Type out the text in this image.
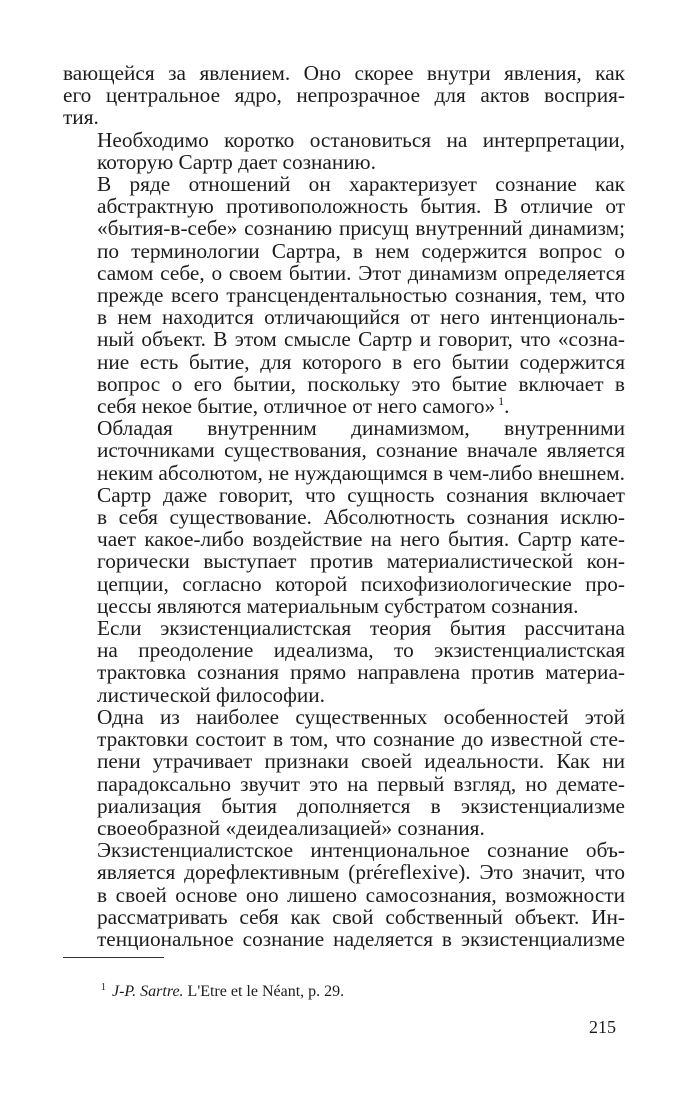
вающейся за явлением. Оно скорее внутри явления, как
его центральное ядро, непрозрачное для актов восприя-
тия.

Необходимо коротко остановиться на интерпретации,
которую Сартр дает сознанию.

В ряде отношений он характеризует сознание как
абстрактную противоположность бытия. В отличие от
«бытия-в-себе» сознанию присущ внутренний динамизм;
по терминологии Сартра, в нем содержится вопрос о
самом себе, о своем бытии. Этот динамизм определяется
прежде всего трансцендентальностью сознания, тем, что
в нем находится отличающийся от него интенциональ-
ный объект. В этом смысле Сартр и говорит, что «созна-
ние есть бытие, для которого в его бытии содержится
вопрос о его бытии, поскольку это бытие включает в
себя некое бытие, отличное от него самого» $^1$.

Обладая внутренним динамизмом, внутренними
источниками существования, сознание вначале является
неким абсолютом, не нуждающимся в чем-либо внешнем.
Сартр даже говорит, что сущность сознания включает
в себя существование. Абсолютность сознания исклю-
чает какое-либо воздействие на него бытия. Сартр кате-
горически выступает против материалистической кон-
цепции, согласно которой психофизиологические про-
цессы являются материальным субстратом сознания.

Если экзистенциалистская теория бытия рассчитана
на преодоление идеализма, то экзистенциалистская
трактовка сознания прямо направлена против материа-
листической философии.

Одна из наиболее существенных особенностей этой
трактовки состоит в том, что сознание до известной сте-
пени утрачивает признаки своей идеальности. Как ни
парадоксально звучит это на первый взгляд, но демате-
риализация бытия дополняется в экзистенциализме
своеобразной «деидеализацией» сознания.

Экзистенциалистское интенциональное сознание объ-
является дорефлективным (préreflexive). Это значит, что
в своей основе оно лишено самосознания, возможности
рассматривать себя как свой собственный объект. Ин-
тенциональное сознание наделяется в экзистенциализме

$^1$ J-P. Sartre. L'Etre et le Néant, p. 29.
215
